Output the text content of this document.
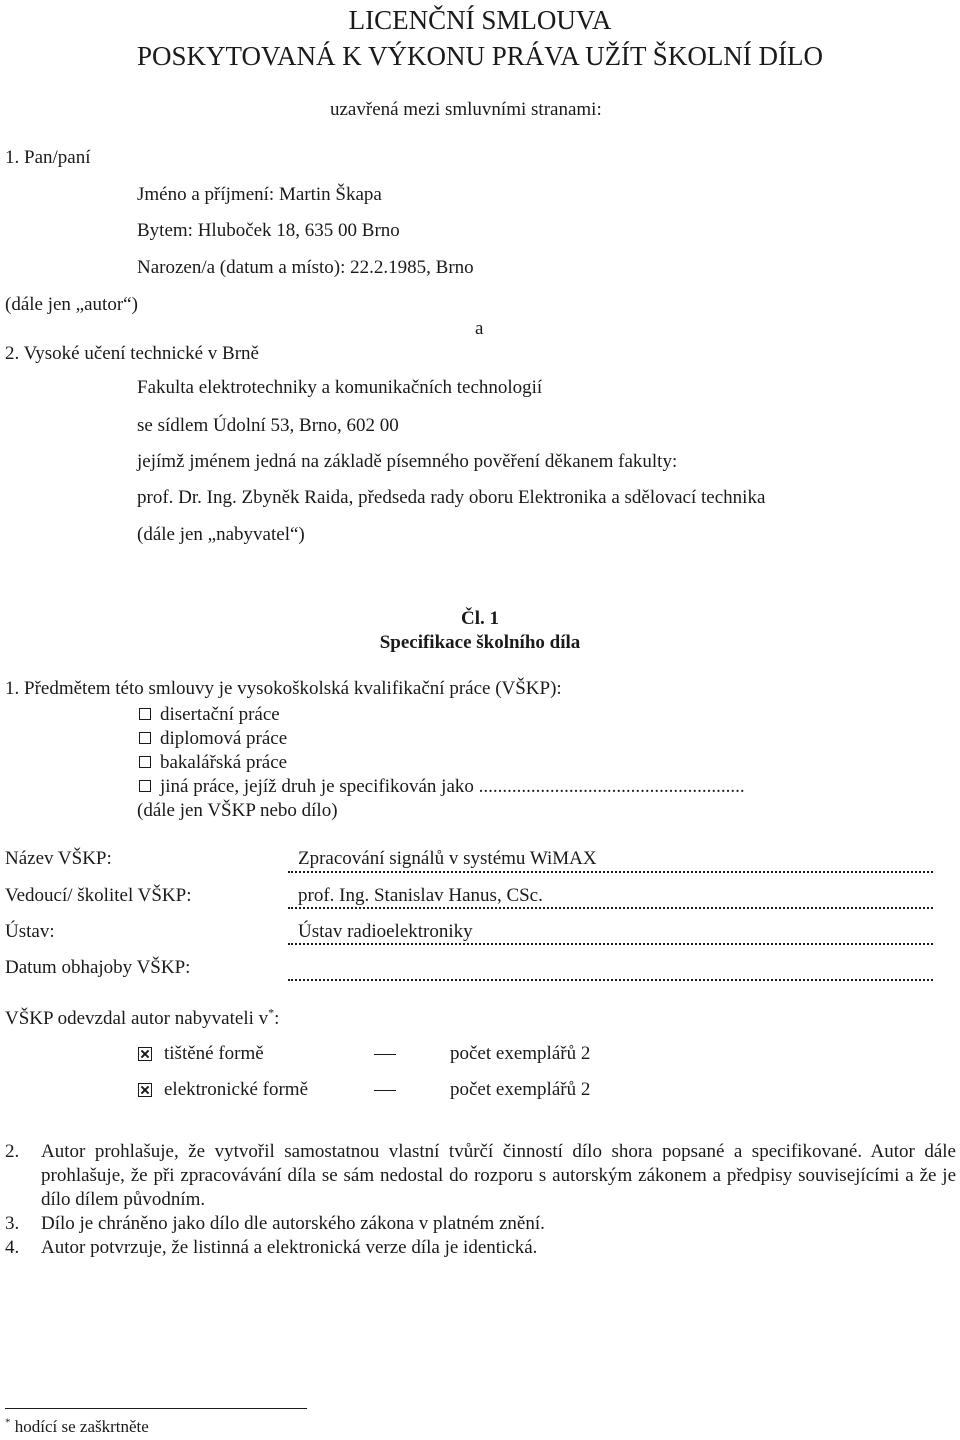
LICENČNÍ SMLOUVA
POSKYTOVANÁ K VÝKONU PRÁVA UŽÍT ŠKOLNÍ DÍLO
uzavřená mezi smluvními stranami:
1. Pan/paní
Jméno a příjmení: Martin Škapa
Bytem: Hluboček 18, 635 00 Brno
Narozen/a (datum a místo): 22.2.1985, Brno
(dále jen „autor“)
a
2. Vysoké učení technické v Brně
Fakulta elektrotechniky a komunikačních technologií
se sídlem Údolní 53, Brno, 602 00
jejímž jménem jedná na základě písemného pověření děkanem fakulty:
prof. Dr. Ing. Zbyněk Raida, předseda rady oboru Elektronika a sdělovací technika
(dále jen „nabyvatel“)
Čl. 1
Specifikace školního díla
1. Předmětem této smlouvy je vysokoškolská kvalifikační práce (VŠKP):
disertační práce
diplomová práce
bakalářská práce
jiná práce, jejíž druh je specifikován jako ........................................................
(dále jen VŠKP nebo dílo)
Název VŠKP:	Zpracování signálů v systému WiMAX
Vedoucí/ školitel VŠKP:	prof. Ing. Stanislav Hanus, CSc.
Ústav:	Ústav radioelektroniky
Datum obhajoby VŠKP:
VŠKP odevzdal autor nabyvateli v*:
tištěné formě	počet exemplářů 2
elektronické formě	počet exemplářů 2
2. Autor prohlašuje, že vytvořil samostatnou vlastní tvůrčí činností dílo shora popsané a specifikované. Autor dále prohlašuje, že při zpracovávání díla se sám nedostal do rozporu s autorským zákonem a předpisy souvisejícími a že je dílo dílem původním.
3. Dílo je chráněno jako dílo dle autorského zákona v platném znění.
4. Autor potvrzuje, že listinná a elektronická verze díla je identická.
* hodící se zaškrtněte
